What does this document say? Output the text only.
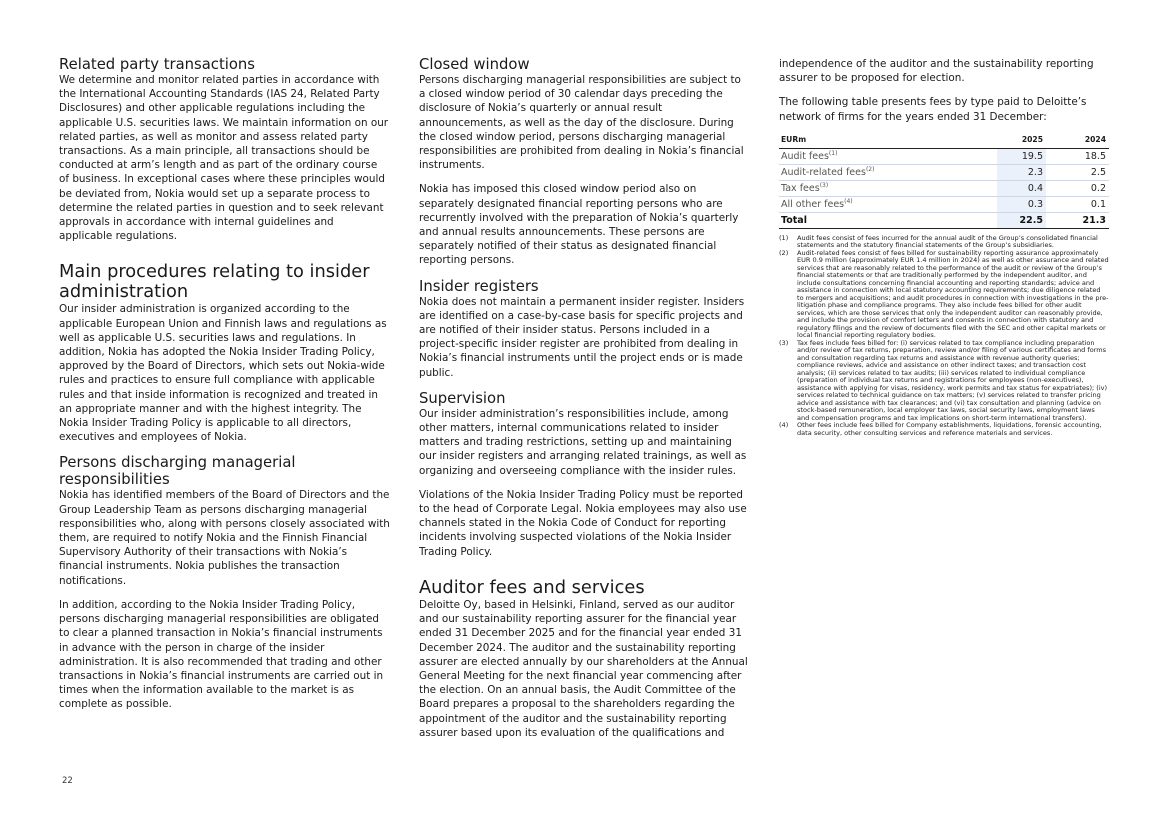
Related party transactions

We determine and monitor related parties in accordance with the International Accounting Standards (IAS 24, Related Party Disclosures) and other applicable regulations including the applicable U.S. securities laws. We maintain information on our related parties, as well as monitor and assess related party transactions. As a main principle, all transactions should be conducted at arm’s length and as part of the ordinary course of business. In exceptional cases where these principles would be deviated from, Nokia would set up a separate process to determine the related parties in question and to seek relevant approvals in accordance with internal guidelines and applicable regulations.

Main procedures relating to insider administration

Our insider administration is organized according to the applicable European Union and Finnish laws and regulations as well as applicable U.S. securities laws and regulations. In addition, Nokia has adopted the Nokia Insider Trading Policy, approved by the Board of Directors, which sets out Nokia-wide rules and practices to ensure full compliance with applicable rules and that inside information is recognized and treated in an appropriate manner and with the highest integrity. The Nokia Insider Trading Policy is applicable to all directors, executives and employees of Nokia.

Persons discharging managerial responsibilities

Nokia has identified members of the Board of Directors and the Group Leadership Team as persons discharging managerial responsibilities who, along with persons closely associated with them, are required to notify Nokia and the Finnish Financial Supervisory Authority of their transactions with Nokia’s financial instruments. Nokia publishes the transaction notifications.

In addition, according to the Nokia Insider Trading Policy, persons discharging managerial responsibilities are obligated to clear a planned transaction in Nokia’s financial instruments in advance with the person in charge of the insider administration. It is also recommended that trading and other transactions in Nokia’s financial instruments are carried out in times when the information available to the market is as complete as possible.

Closed window

Persons discharging managerial responsibilities are subject to a closed window period of 30 calendar days preceding the disclosure of Nokia’s quarterly or annual result announcements, as well as the day of the disclosure. During the closed window period, persons discharging managerial responsibilities are prohibited from dealing in Nokia’s financial instruments.

Nokia has imposed this closed window period also on separately designated financial reporting persons who are recurrently involved with the preparation of Nokia’s quarterly and annual results announcements. These persons are separately notified of their status as designated financial reporting persons.

Insider registers

Nokia does not maintain a permanent insider register. Insiders are identified on a case-by-case basis for specific projects and are notified of their insider status. Persons included in a project-specific insider register are prohibited from dealing in Nokia’s financial instruments until the project ends or is made public.

Supervision

Our insider administration’s responsibilities include, among other matters, internal communications related to insider matters and trading restrictions, setting up and maintaining our insider registers and arranging related trainings, as well as organizing and overseeing compliance with the insider rules.

Violations of the Nokia Insider Trading Policy must be reported to the head of Corporate Legal. Nokia employees may also use channels stated in the Nokia Code of Conduct for reporting incidents involving suspected violations of the Nokia Insider Trading Policy.

Auditor fees and services

Deloitte Oy, based in Helsinki, Finland, served as our auditor and our sustainability reporting assurer for the financial year ended 31 December 2025 and for the financial year ended 31 December 2024. The auditor and the sustainability reporting assurer are elected annually by our shareholders at the Annual General Meeting for the next financial year commencing after the election. On an annual basis, the Audit Committee of the Board prepares a proposal to the shareholders regarding the appointment of the auditor and the sustainability reporting assurer based upon its evaluation of the qualifications and

independence of the auditor and the sustainability reporting assurer to be proposed for election.

The following table presents fees by type paid to Deloitte’s network of firms for the years ended 31 December:

EURm	2025	2024
Audit fees$^{(1)}$	19.5	18.5
Audit-related fees$^{(2)}$	2.3	2.5
Tax fees$^{(3)}$	0.4	0.2
All other fees$^{(4)}$	0.3	0.1
Total	22.5	21.3
(1)	Audit fees consist of fees incurred for the annual audit of the Group’s consolidated financial statements and the statutory financial statements of the Group’s subsidiaries.
(2)	Audit-related fees consist of fees billed for sustainability reporting assurance approximately EUR 0.9 million (approximately EUR 1.4 million in 2024) as well as other assurance and related services that are reasonably related to the performance of the audit or review of the Group’s financial statements or that are traditionally performed by the independent auditor, and include consultations concerning financial accounting and reporting standards; advice and assistance in connection with local statutory accounting requirements; due diligence related to mergers and acquisitions; and audit procedures in connection with investigations in the pre-litigation phase and compliance programs. They also include fees billed for other audit services, which are those services that only the independent auditor can reasonably provide, and include the provision of comfort letters and consents in connection with statutory and regulatory filings and the review of documents filed with the SEC and other capital markets or local financial reporting regulatory bodies.
(3)	Tax fees include fees billed for: (i) services related to tax compliance including preparation and/or review of tax returns, preparation, review and/or filing of various certificates and forms and consultation regarding tax returns and assistance with revenue authority queries; compliance reviews, advice and assistance on other indirect taxes; and transaction cost analysis; (ii) services related to tax audits; (iii) services related to individual compliance (preparation of individual tax returns and registrations for employees (non-executives), assistance with applying for visas, residency, work permits and tax status for expatriates); (iv) services related to technical guidance on tax matters; (v) services related to transfer pricing advice and assistance with tax clearances; and (vi) tax consultation and planning (advice on stock-based remuneration, local employer tax laws, social security laws, employment laws and compensation programs and tax implications on short-term international transfers).
(4)	Other fees include fees billed for Company establishments, liquidations, forensic accounting, data security, other consulting services and reference materials and services.
22
